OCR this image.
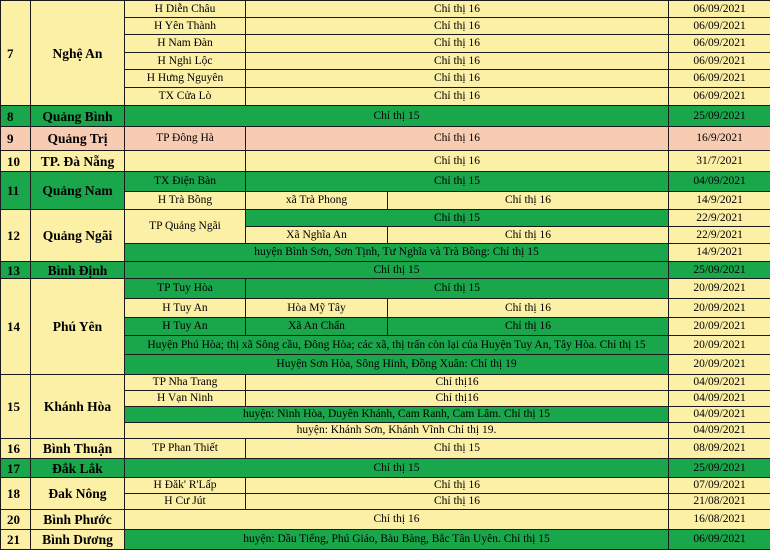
7	Nghệ An	H Diễn Châu	Chỉ thị 16		06/09/2021
		H Yên Thành	Chỉ thị 16		06/09/2021
		H Nam Đàn	Chỉ thị 16		06/09/2021
		H Nghi Lộc	Chỉ thị 16		06/09/2021
		H Hưng Nguyên	Chỉ thị 16		06/09/2021
		TX Cửa Lò	Chỉ thị 16		06/09/2021
8	Quảng Bình	Chỉ thị 15			25/09/2021
9	Quảng Trị	TP Đông Hà	Chỉ thị 16		16/9/2021
10	TP. Đà Nẵng		Chỉ thị 16		31/7/2021
11	Quảng Nam	TX Điện Bàn	Chỉ thị 15		04/09/2021
		H Trà Bồng	xã Trà Phong	Chỉ thị 16	14/9/2021
12	Quảng Ngãi	TP Quảng Ngãi	Chỉ thị 15		22/9/2021
			Xã Nghĩa An	Chỉ thị 16	22/9/2021
		huyện Bình Sơn, Sơn Tịnh, Tư Nghĩa và Trà Bồng: Chỉ thị 15			14/9/2021
13	Bình Định	Chỉ thị 15			25/09/2021
14	Phú Yên	TP Tuy Hòa	Chỉ thị 15		20/09/2021
		H Tuy An	Hòa Mỹ Tây	Chỉ thị 16	20/09/2021
		H Tuy An	Xã An Chấn	Chỉ thị 16	20/09/2021
		Huyện Phú Hòa; thị xã Sông cầu, Đông Hòa; các xã, thị trấn còn lại của Huyện Tuy An, Tây Hòa. Chỉ thị 15			20/09/2021
		Huyện Sơn Hòa, Sông Hinh, Đồng Xuân: Chỉ thị 19			20/09/2021
15	Khánh Hòa	TP Nha Trang	Chỉ thị16		04/09/2021
		H Vạn Ninh	Chỉ thị16		04/09/2021
		huyện: Ninh Hòa, Duyên Khánh, Cam Ranh, Cam Lâm. Chỉ thị 15			04/09/2021
		huyện: Khánh Sơn, Khánh Vĩnh Chỉ thị 19.			04/09/2021
16	Bình Thuận	TP Phan Thiết	Chỉ thị 15		08/09/2021
17	Đắk Lắk	Chỉ thị 15			25/09/2021
18	Đak Nông	H Đăk' R'Lấp	Chỉ thị 16		07/09/2021
		H Cư Jút	Chỉ thị 16		21/08/2021
20	Bình Phước	Chỉ thị 16			16/08/2021
21	Bình Dương	huyện: Dầu Tiếng, Phú Giáo, Bàu Bàng, Bắc Tân Uyên. Chỉ thị 15			06/09/2021
